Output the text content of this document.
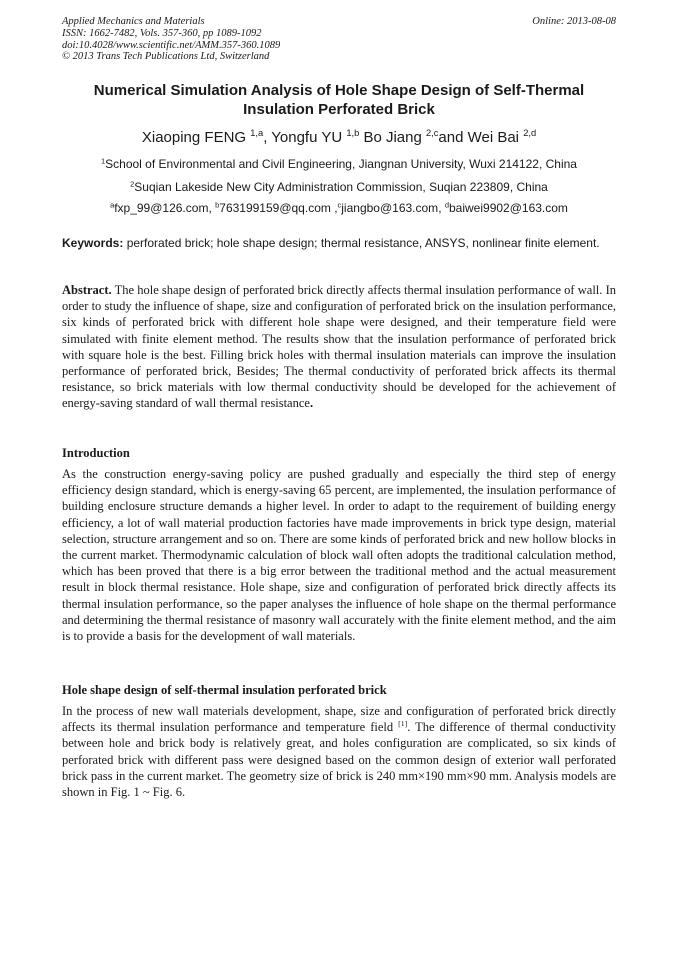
Applied Mechanics and Materials
ISSN: 1662-7482, Vols. 357-360, pp 1089-1092
doi:10.4028/www.scientific.net/AMM.357-360.1089
© 2013 Trans Tech Publications Ltd, Switzerland
Online: 2013-08-08
Numerical Simulation Analysis of Hole Shape Design of Self-Thermal Insulation Perforated Brick
Xiaoping FENG $^{1,a}$, Yongfu YU $^{1,b}$ Bo Jiang $^{2,c}$and Wei Bai $^{2,d}$
$^1$School of Environmental and Civil Engineering, Jiangnan University, Wuxi 214122, China
$^2$Suqian Lakeside New City Administration Commission, Suqian 223809, China
$^a$fxp_99@126.com, $^b$763199159@qq.com ,$^c$jiangbo@163.com, $^d$baiwei9902@163.com
Keywords: perforated brick; hole shape design; thermal resistance, ANSYS, nonlinear finite element.
Abstract. The hole shape design of perforated brick directly affects thermal insulation performance of wall. In order to study the influence of shape, size and configuration of perforated brick on the insulation performance, six kinds of perforated brick with different hole shape were designed, and their temperature field were simulated with finite element method. The results show that the insulation performance of perforated brick with square hole is the best. Filling brick holes with thermal insulation materials can improve the insulation performance of perforated brick, Besides; The thermal conductivity of perforated brick affects its thermal resistance, so brick materials with low thermal conductivity should be developed for the achievement of energy-saving standard of wall thermal resistance.
Introduction
As the construction energy-saving policy are pushed gradually and especially the third step of energy efficiency design standard, which is energy-saving 65 percent, are implemented, the insulation performance of building enclosure structure demands a higher level. In order to adapt to the requirement of building energy efficiency, a lot of wall material production factories have made improvements in brick type design, material selection, structure arrangement and so on. There are some kinds of perforated brick and new hollow blocks in the current market. Thermodynamic calculation of block wall often adopts the traditional calculation method, which has been proved that there is a big error between the traditional method and the actual measurement result in block thermal resistance. Hole shape, size and configuration of perforated brick directly affects its thermal insulation performance, so the paper analyses the influence of hole shape on the thermal performance and determining the thermal resistance of masonry wall accurately with the finite element method, and the aim is to provide a basis for the development of wall materials.
Hole shape design of self-thermal insulation perforated brick
In the process of new wall materials development, shape, size and configuration of perforated brick directly affects its thermal insulation performance and temperature field [1]. The difference of thermal conductivity between hole and brick body is relatively great, and holes configuration are complicated, so six kinds of perforated brick with different pass were designed based on the common design of exterior wall perforated brick pass in the current market. The geometry size of brick is 240 mm×190 mm×90 mm. Analysis models are shown in Fig. 1 ~ Fig. 6.
